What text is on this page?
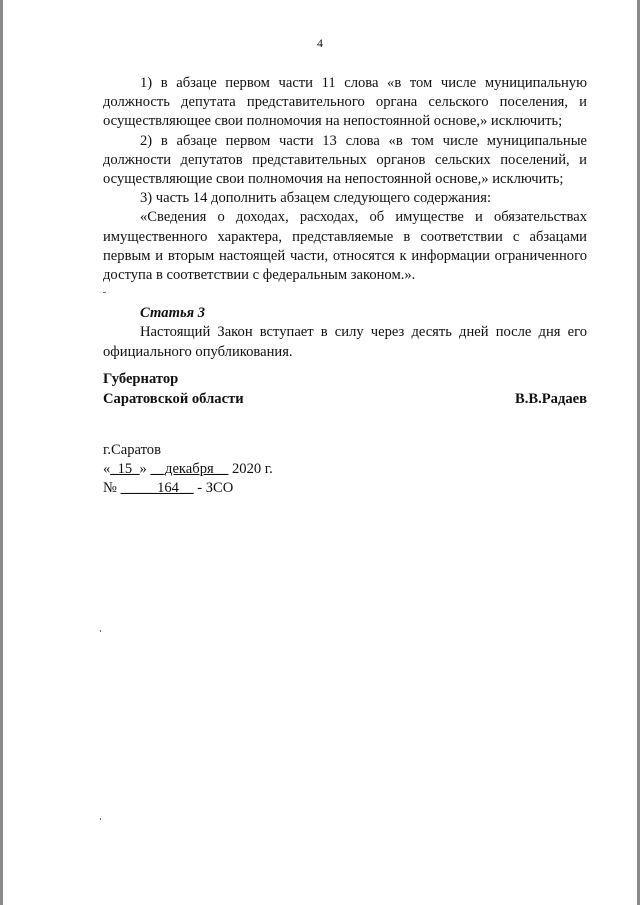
4

1) в абзаце первом части 11 слова «в том числе муниципальную должность депутата представительного органа сельского поселения, и осуществляющее свои полномочия на непостоянной основе,» исключить;

2) в абзаце первом части 13 слова «в том числе муниципальные должности депутатов представительных органов сельских поселений, и осуществляющие свои полномочия на непостоянной основе,» исключить;

3) часть 14 дополнить абзацем следующего содержания:

«Сведения о доходах, расходах, об имуществе и обязательствах имущественного характера, представляемые в соответствии с абзацами первым и вторым настоящей части, относятся к информации ограниченного доступа в соответствии с федеральным законом.».

Статья 3

Настоящий Закон вступает в силу через десять дней после дня его официального опубликования.

Губернатор
Саратовской области	В.В.Радаев
г.Саратов
«_15_» __декабря__ 2020 г.
№ _____164__ - ЗСО
